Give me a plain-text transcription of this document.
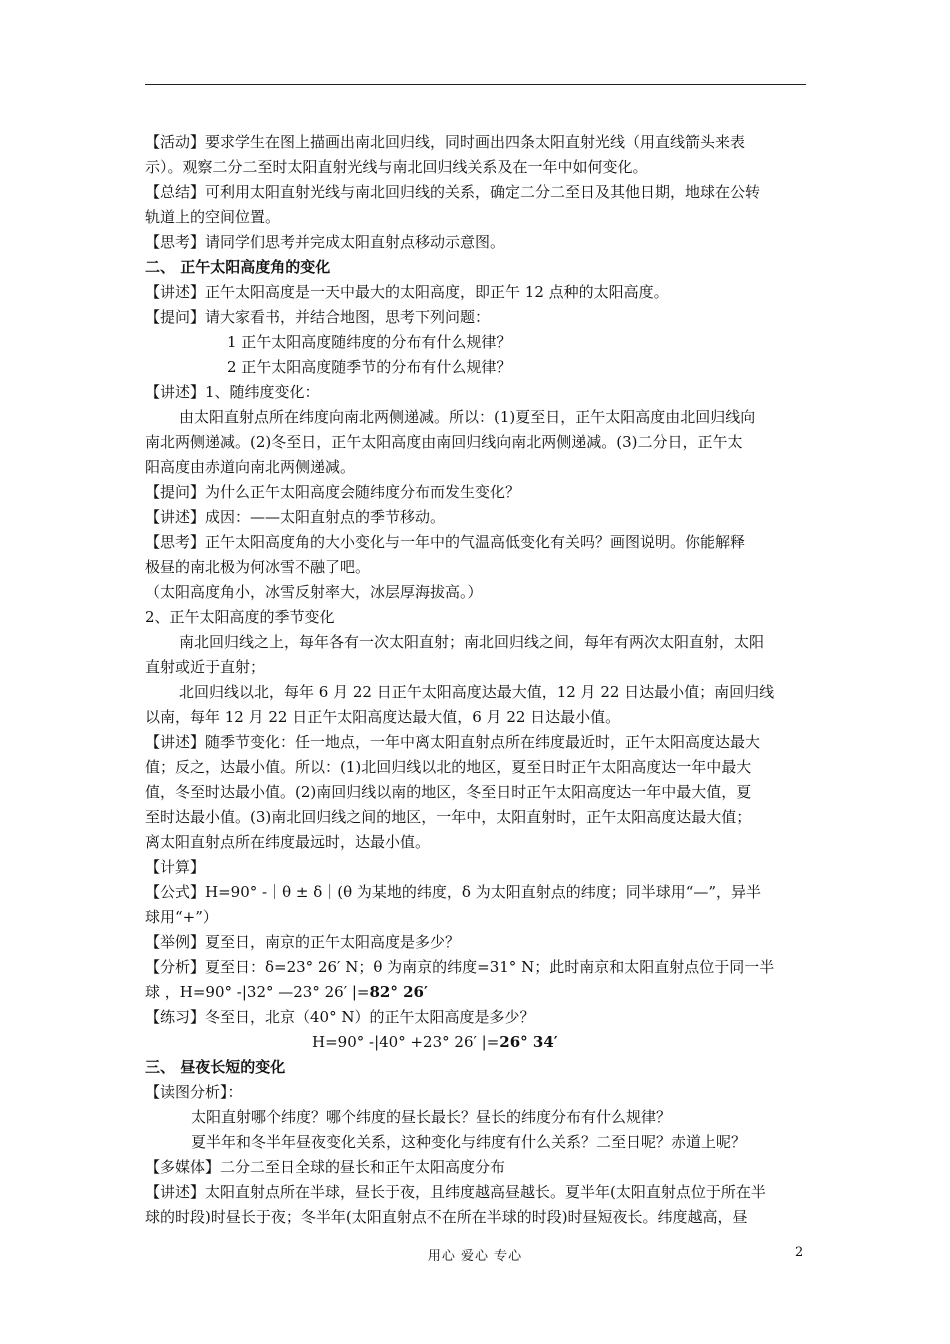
【活动】要求学生在图上描画出南北回归线，同时画出四条太阳直射光线（用直线箭头来表

示）。观察二分二至时太阳直射光线与南北回归线关系及在一年中如何变化。

【总结】可利用太阳直射光线与南北回归线的关系，确定二分二至日及其他日期，地球在公转

轨道上的空间位置。

【思考】请同学们思考并完成太阳直射点移动示意图。

二、 正午太阳高度角的变化

【讲述】正午太阳高度是一天中最大的太阳高度，即正午 12 点种的太阳高度。

【提问】请大家看书，并结合地图，思考下列问题：

1 正午太阳高度随纬度的分布有什么规律？

2 正午太阳高度随季节的分布有什么规律？

【讲述】1、随纬度变化：

由太阳直射点所在纬度向南北两侧递减。所以：(1)夏至日，正午太阳高度由北回归线向

南北两侧递减。(2)冬至日，正午太阳高度由南回归线向南北两侧递减。(3)二分日，正午太

阳高度由赤道向南北两侧递减。

【提问】为什么正午太阳高度会随纬度分布而发生变化？

【讲述】成因：——太阳直射点的季节移动。

【思考】正午太阳高度角的大小变化与一年中的气温高低变化有关吗？画图说明。你能解释

极昼的南北极为何冰雪不融了吧。

（太阳高度角小，冰雪反射率大，冰层厚海拔高。）

2、正午太阳高度的季节变化

南北回归线之上，每年各有一次太阳直射；南北回归线之间，每年有两次太阳直射，太阳

直射或近于直射；

北回归线以北，每年 6 月 22 日正午太阳高度达最大值，12 月 22 日达最小值；南回归线

以南，每年 12 月 22 日正午太阳高度达最大值，6 月 22 日达最小值。

【讲述】随季节变化：任一地点，一年中离太阳直射点所在纬度最近时，正午太阳高度达最大

值；反之，达最小值。所以：(1)北回归线以北的地区，夏至日时正午太阳高度达一年中最大

值，冬至时达最小值。(2)南回归线以南的地区，冬至日时正午太阳高度达一年中最大值，夏

至时达最小值。(3)南北回归线之间的地区，一年中，太阳直射时，正午太阳高度达最大值；

离太阳直射点所在纬度最远时，达最小值。

【计算】

【公式】H=90° -｜θ ± δ｜(θ 为某地的纬度，δ 为太阳直射点的纬度；同半球用“—”，异半

球用“+”）

【举例】夏至日，南京的正午太阳高度是多少？

【分析】夏至日：δ=23° 26′ N；θ 为南京的纬度=31° N；此时南京和太阳直射点位于同一半

球 ，H=90° -|32° —23° 26′ |=82° 26′

【练习】冬至日，北京（40° N）的正午太阳高度是多少？

H=90° -|40° +23° 26′ |=26° 34′

三、 昼夜长短的变化

【读图分析】：

太阳直射哪个纬度？哪个纬度的昼长最长？昼长的纬度分布有什么规律？

夏半年和冬半年昼夜变化关系，这种变化与纬度有什么关系？二至日呢？赤道上呢？

【多媒体】二分二至日全球的昼长和正午太阳高度分布

【讲述】太阳直射点所在半球，昼长于夜，且纬度越高昼越长。夏半年(太阳直射点位于所在半

球的时段)时昼长于夜；冬半年(太阳直射点不在所在半球的时段)时昼短夜长。纬度越高，昼

用心 爱心 专心	2
